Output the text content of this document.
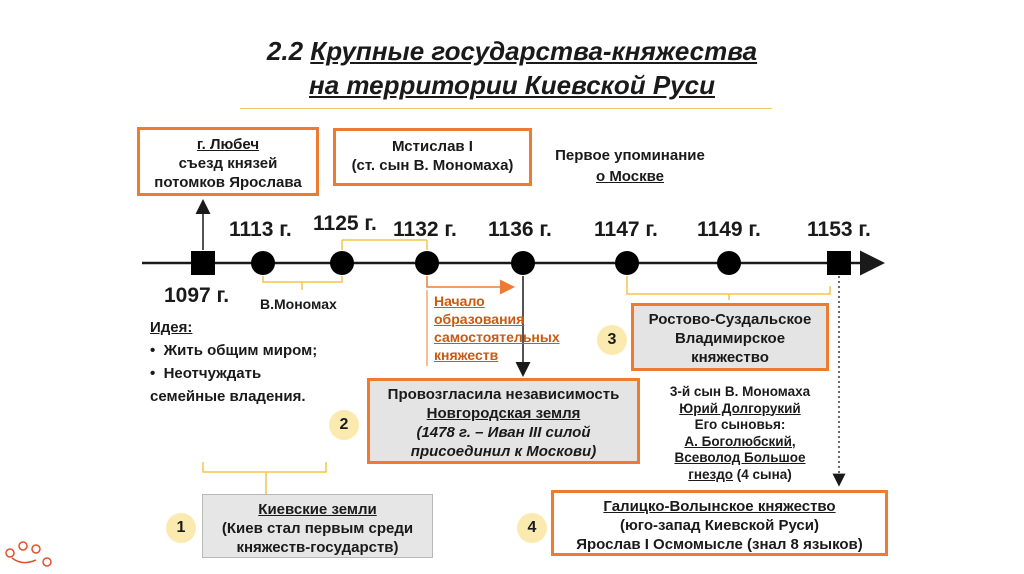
2.2 Крупные государства-княжества
на территории Киевской Руси
1097 г.
1113 г. 1125 г. 1132 г. 1136 г. 1147 г. 1149 г. 1153 г.
г. Любеч
съезд князей
потомков Ярослава
Мстислав I
(ст. сын В. Мономаха)
Первое упоминание
о Москве
В.Мономах
Идея:
•  Жить общим миром;
•  Неотчуждать
семейные владения.
Начало
образования
самостоятельных
княжеств
Провозгласила независимость
Новгородская земля
(1478 г. – Иван III силой
присоединил к Москови)
Ростово-Суздальское
Владимирское
княжество
3-й сын В. Мономаха
Юрий Долгорукий
Его сыновья:
А. Боголюбский,
Всеволод Большое
гнездо (4 сына)
Киевские земли
(Киев стал первым среди
княжеств-государств)
Галицко-Волынское княжество
(юго-запад Киевской Руси)
Ярослав I Осмомысле (знал 8 языков)
1
2
3
4
